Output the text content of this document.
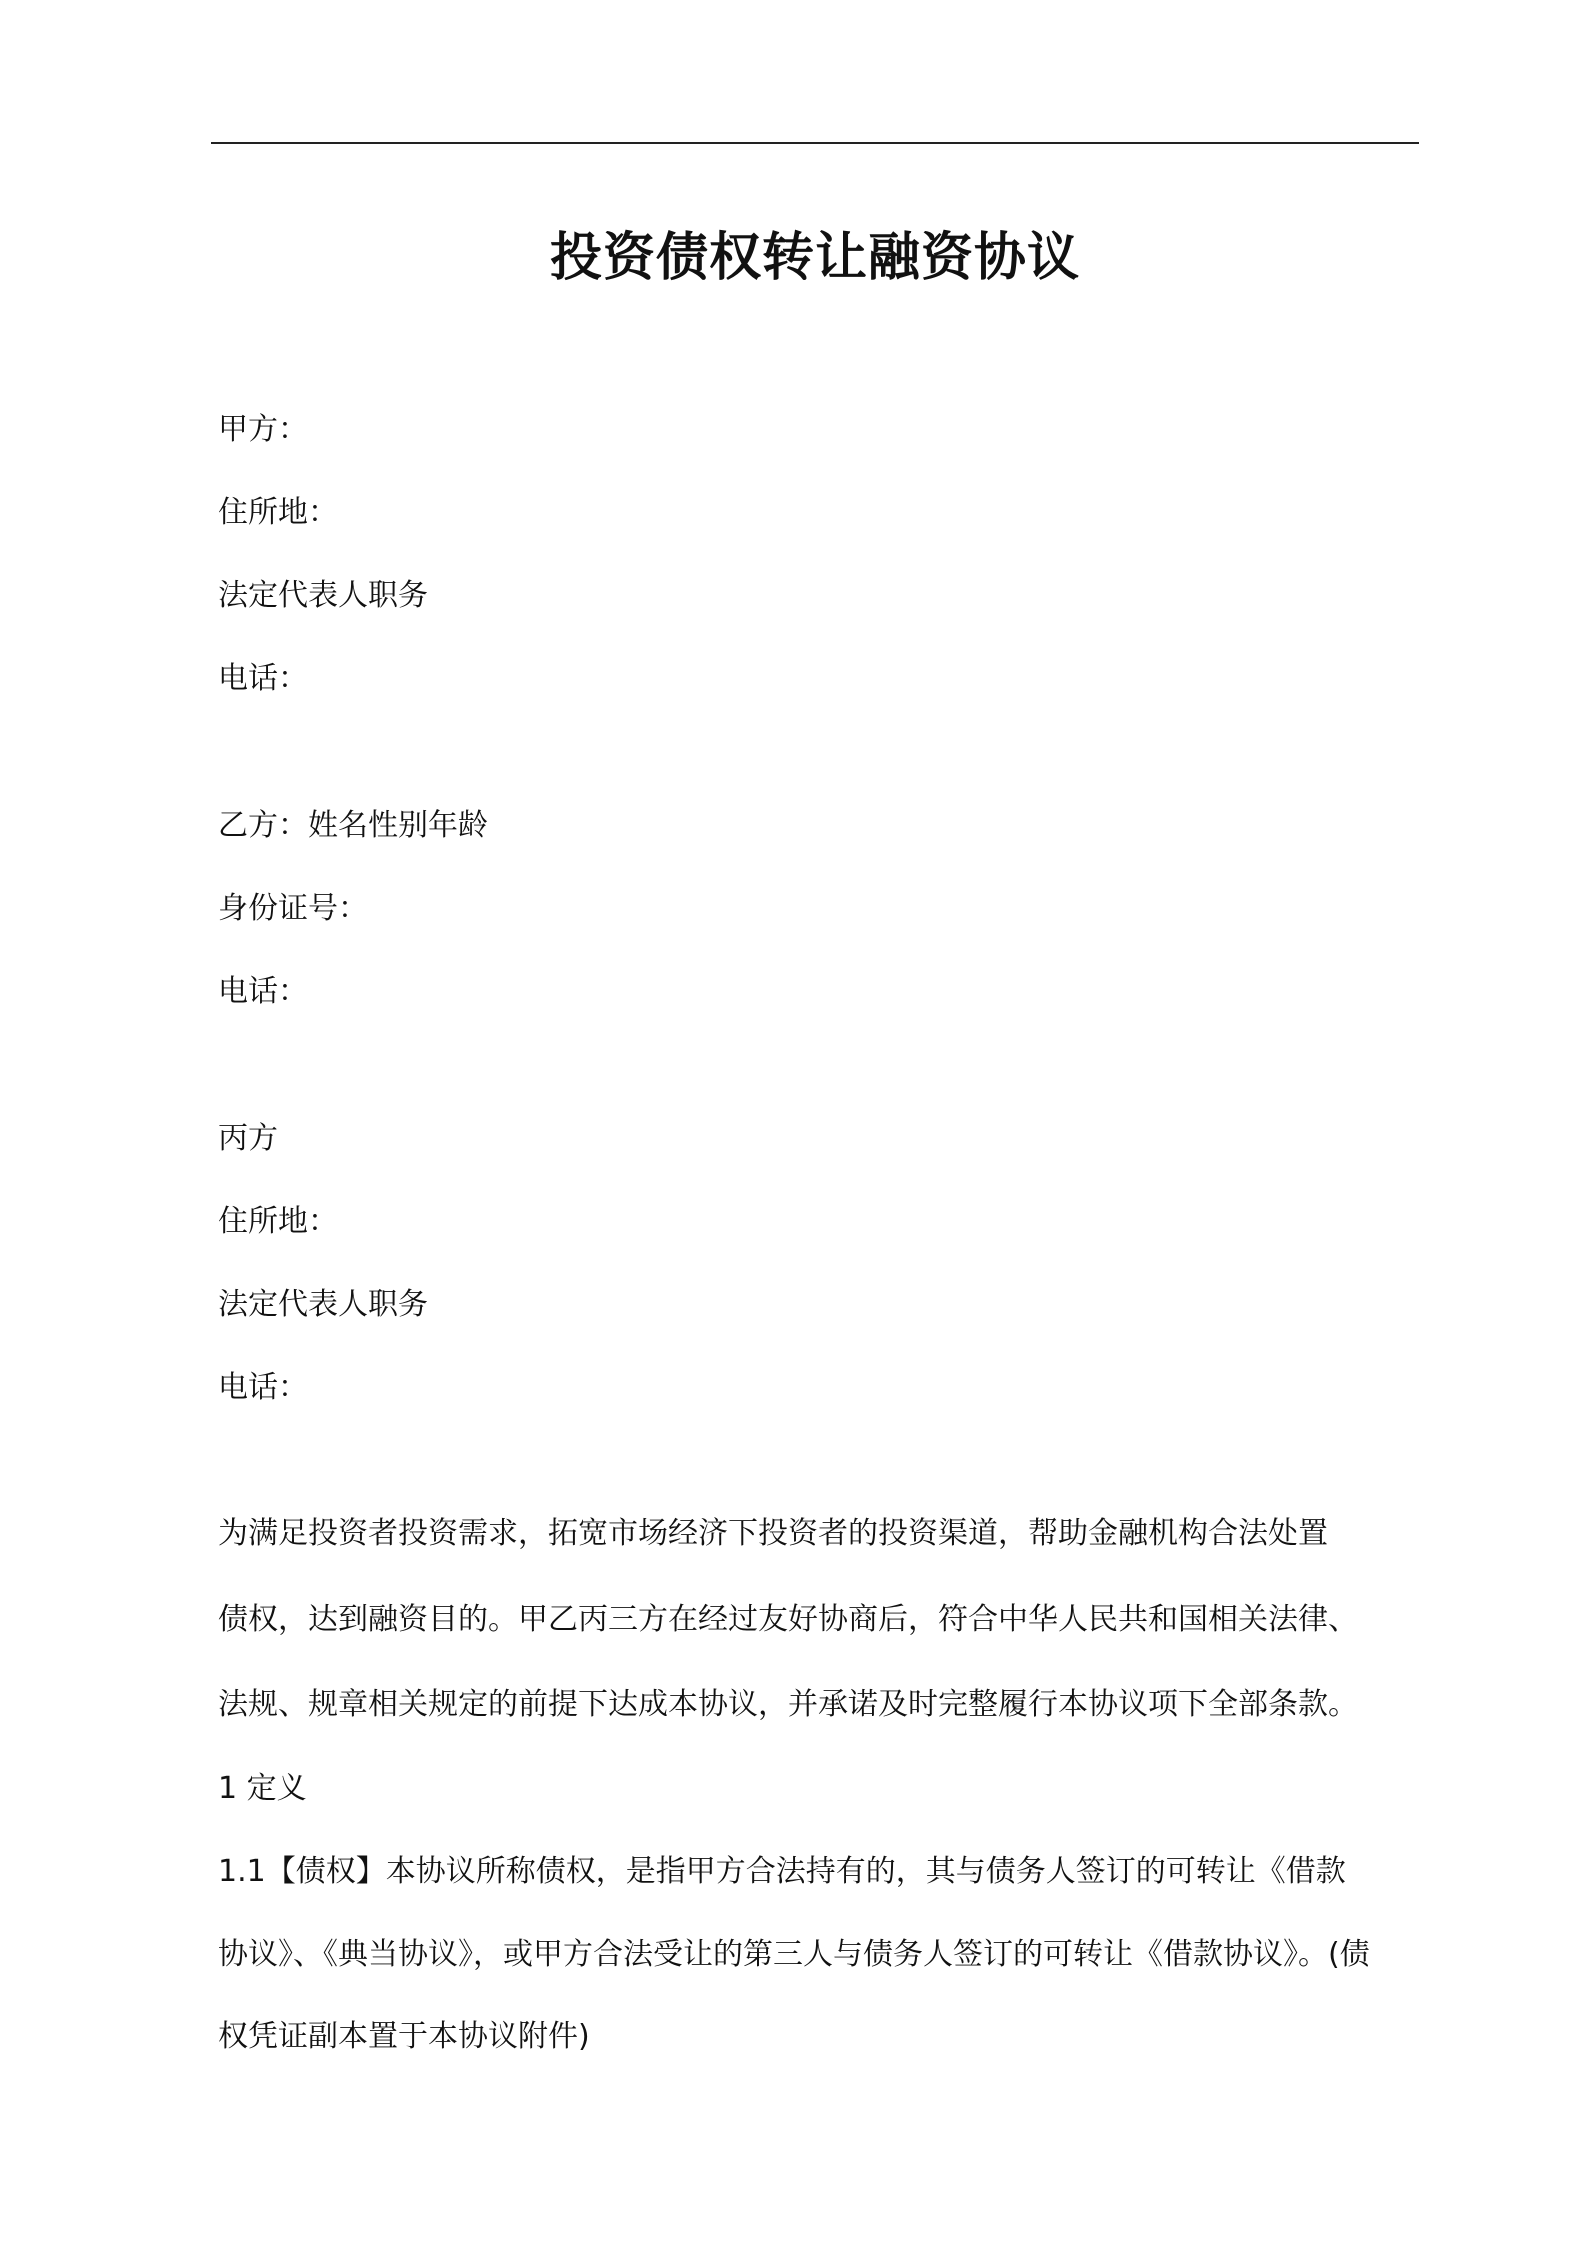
投资债权转让融资协议

甲方：

住所地：

法定代表人职务

电话：

乙方：姓名性别年龄

身份证号：

电话：

丙方

住所地：

法定代表人职务

电话：

为满足投资者投资需求，拓宽市场经济下投资者的投资渠道，帮助金融机构合法处置

债权，达到融资目的。甲乙丙三方在经过友好协商后，符合中华人民共和国相关法律、

法规、规章相关规定的前提下达成本协议，并承诺及时完整履行本协议项下全部条款。

1 定义

1.1【债权】本协议所称债权，是指甲方合法持有的，其与债务人签订的可转让《借款

协议》、《典当协议》，或甲方合法受让的第三人与债务人签订的可转让《借款协议》。(债

权凭证副本置于本协议附件)
